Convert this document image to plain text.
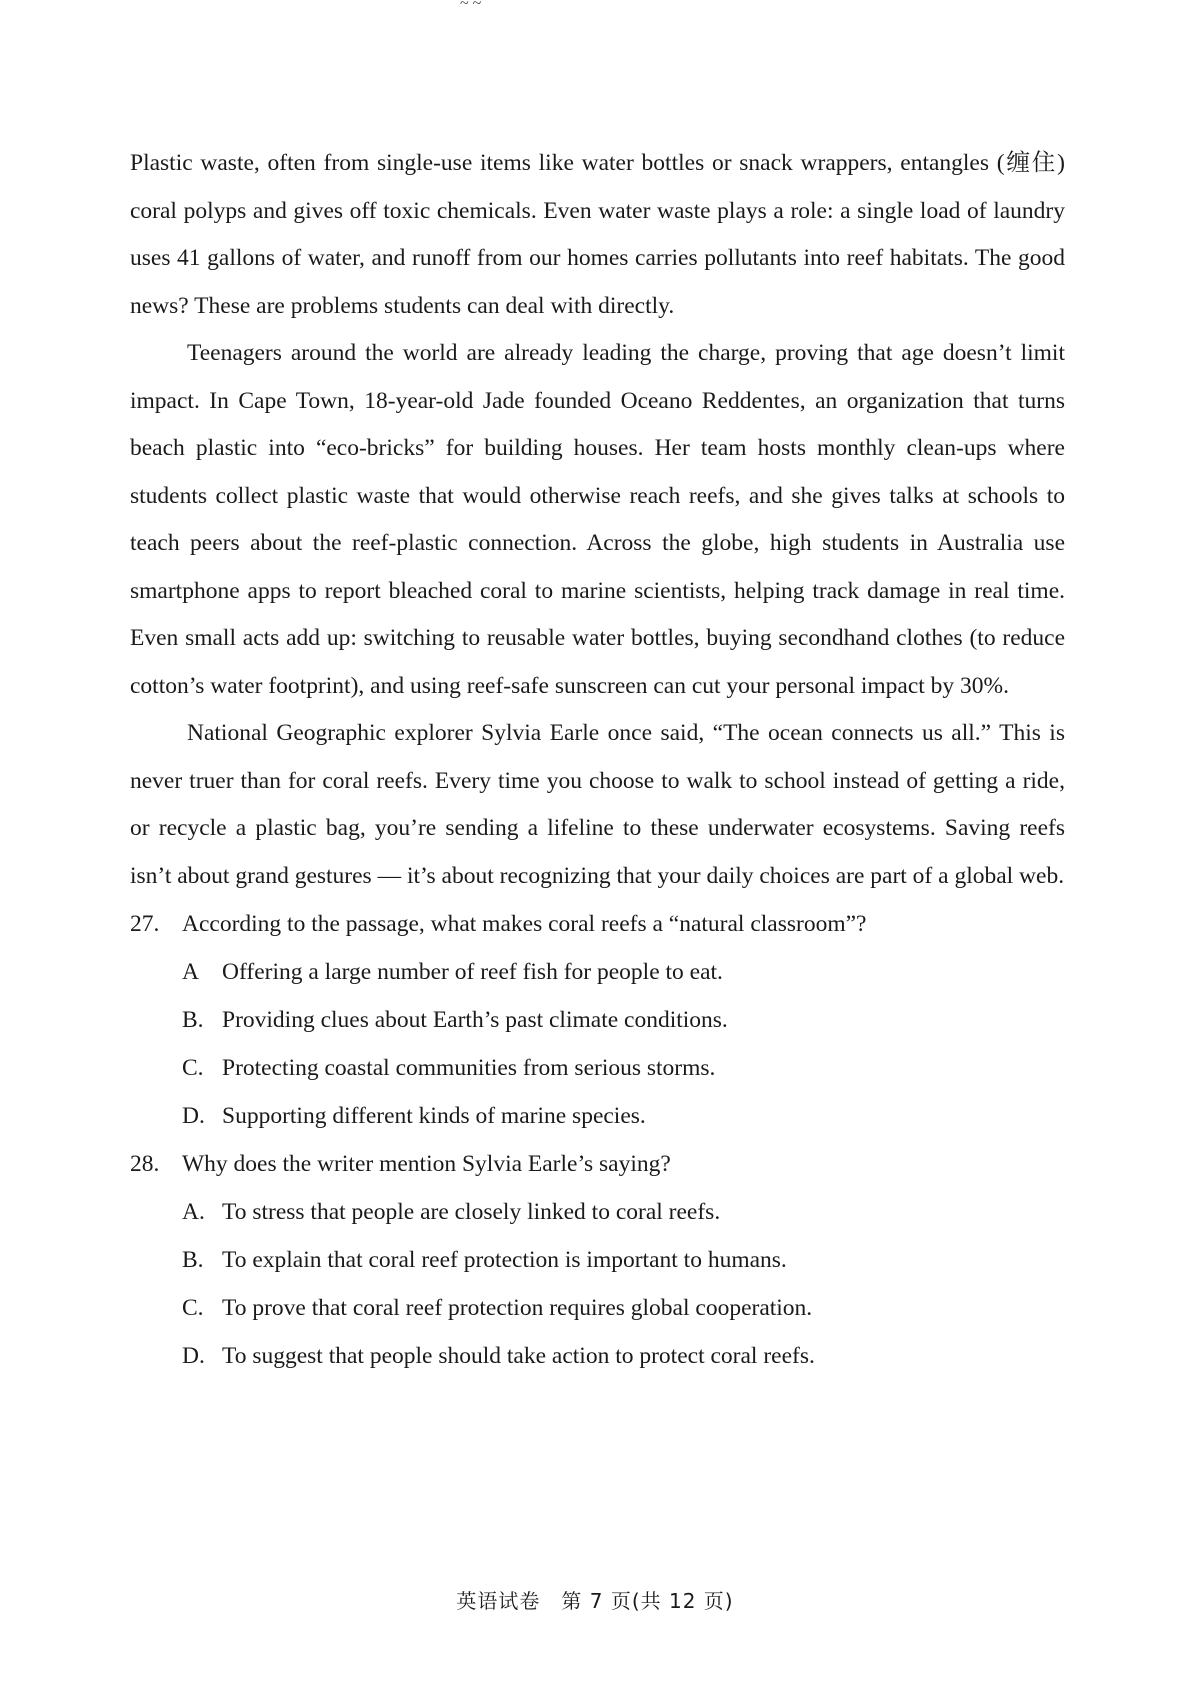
~ ~

Plastic waste, often from single-use items like water bottles or snack wrappers, entangles (缠住) coral polyps and gives off toxic chemicals. Even water waste plays a role: a single load of laundry uses 41 gallons of water, and runoff from our homes carries pollutants into reef habitats. The good news? These are problems students can deal with directly.

Teenagers around the world are already leading the charge, proving that age doesn’t limit impact. In Cape Town, 18-year-old Jade founded Oceano Reddentes, an organization that turns beach plastic into “eco-bricks” for building houses. Her team hosts monthly clean-ups where students collect plastic waste that would otherwise reach reefs, and she gives talks at schools to teach peers about the reef-plastic connection. Across the globe, high students in Australia use smartphone apps to report bleached coral to marine scientists, helping track damage in real time. Even small acts add up: switching to reusable water bottles, buying secondhand clothes (to reduce cotton’s water footprint), and using reef-safe sunscreen can cut your personal impact by 30%.

National Geographic explorer Sylvia Earle once said, “The ocean connects us all.” This is never truer than for coral reefs. Every time you choose to walk to school instead of getting a ride, or recycle a plastic bag, you’re sending a lifeline to these underwater ecosystems. Saving reefs isn’t about grand gestures — it’s about recognizing that your daily choices are part of a global web.

27. According to the passage, what makes coral reefs a “natural classroom”?
A Offering a large number of reef fish for people to eat.
B. Providing clues about Earth’s past climate conditions.
C. Protecting coastal communities from serious storms.
D. Supporting different kinds of marine species.
28. Why does the writer mention Sylvia Earle’s saying?
A. To stress that people are closely linked to coral reefs.
B. To explain that coral reef protection is important to humans.
C. To prove that coral reef protection requires global cooperation.
D. To suggest that people should take action to protect coral reefs.
英语试卷　第 7 页(共 12 页)
